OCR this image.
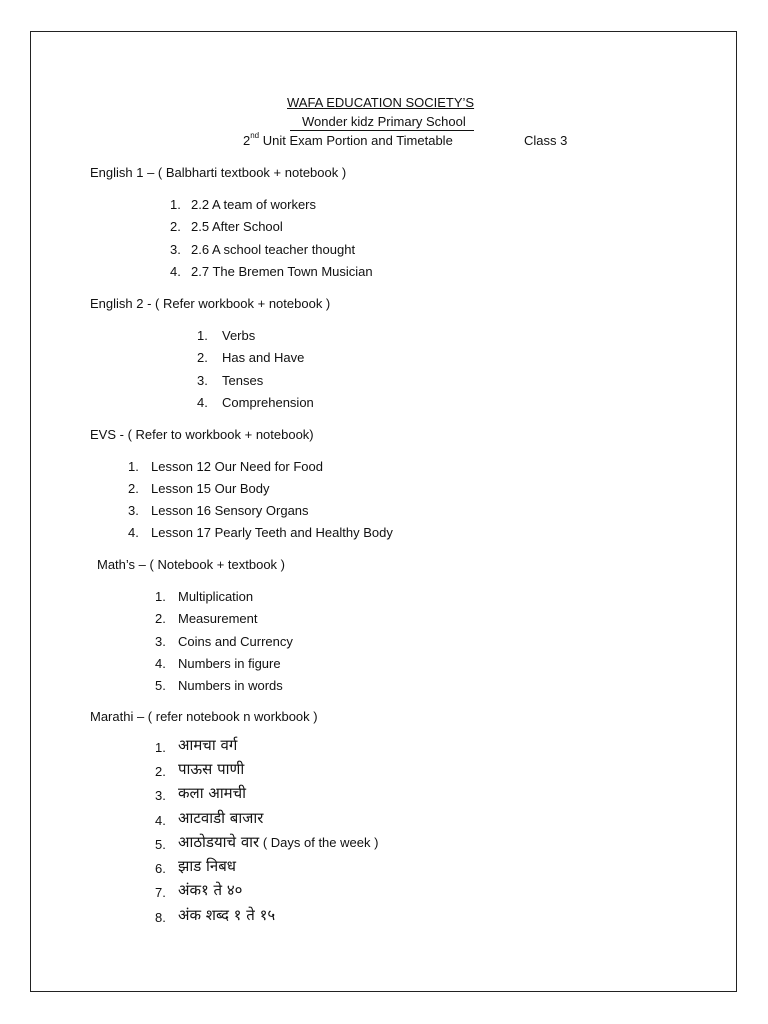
WAFA EDUCATION SOCIETY’S
Wonder kidz Primary School
2nd Unit Exam Portion and Timetable	Class 3
English 1 – ( Balbharti textbook + notebook )
1. 2.2 A team of workers
2. 2.5 After School
3. 2.6 A school teacher thought
4. 2.7 The Bremen Town Musician
English 2 - ( Refer workbook + notebook )
1. Verbs
2. Has and Have
3. Tenses
4. Comprehension
EVS - ( Refer to workbook + notebook)
1. Lesson 12 Our Need for Food
2. Lesson 15 Our Body
3. Lesson 16 Sensory Organs
4. Lesson 17 Pearly Teeth and Healthy Body
Math’s – ( Notebook + textbook )
1. Multiplication
2. Measurement
3. Coins and Currency
4. Numbers in figure
5. Numbers in words
Marathi – ( refer notebook n workbook )
1. आमचा वर्ग
2. पाऊस पाणी
3. कला आमची
4. आटवाडी बाजार
5. आठोडयाचे वार ( Days of the week )
6. झाड निबध
7. अंक१ ते ४०
8. अंक शब्द १ ते १५
